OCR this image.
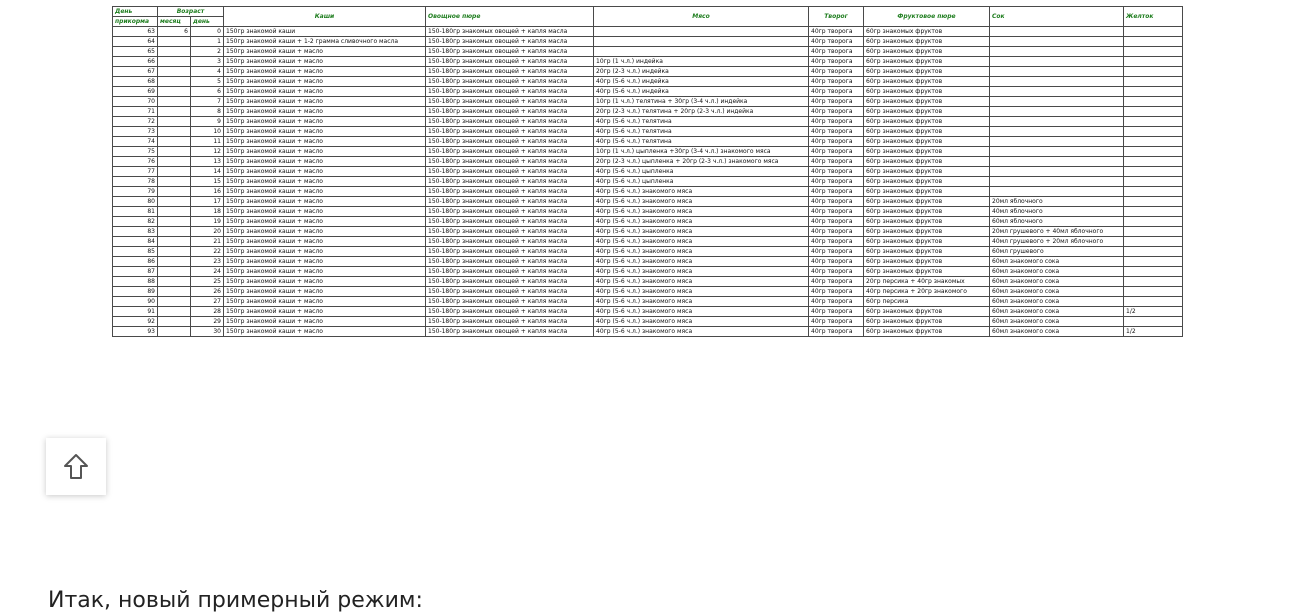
День	Возраст		Каши	Овощное пюре	Мясо	Творог	Фруктовое пюре	Сок	Желток
прикорма	месяц	день							
63	6	0	150гр знакомой каши	150-180гр знакомых овощей + капля масла		40гр творога	60гр знакомых фруктов		
64		1	150гр знакомой каши + 1-2 грамма сливочного масла	150-180гр знакомых овощей + капля масла		40гр творога	60гр знакомых фруктов		
65		2	150гр знакомой каши + масло	150-180гр знакомых овощей + капля масла		40гр творога	60гр знакомых фруктов		
66		3	150гр знакомой каши + масло	150-180гр знакомых овощей + капля масла	10гр (1 ч.л.) индейка	40гр творога	60гр знакомых фруктов		
67		4	150гр знакомой каши + масло	150-180гр знакомых овощей + капля масла	20гр (2-3 ч.л.) индейка	40гр творога	60гр знакомых фруктов		
68		5	150гр знакомой каши + масло	150-180гр знакомых овощей + капля масла	40гр (5-6 ч.л.) индейка	40гр творога	60гр знакомых фруктов		
69		6	150гр знакомой каши + масло	150-180гр знакомых овощей + капля масла	40гр (5-6 ч.л.) индейка	40гр творога	60гр знакомых фруктов		
70		7	150гр знакомой каши + масло	150-180гр знакомых овощей + капля масла	10гр (1 ч.л.) телятина + 30гр (3-4 ч.л.) индейка	40гр творога	60гр знакомых фруктов		
71		8	150гр знакомой каши + масло	150-180гр знакомых овощей + капля масла	20гр (2-3 ч.л.) телятина + 20гр (2-3 ч.л.) индейка	40гр творога	60гр знакомых фруктов		
72		9	150гр знакомой каши + масло	150-180гр знакомых овощей + капля масла	40гр (5-6 ч.л.) телятина	40гр творога	60гр знакомых фруктов		
73		10	150гр знакомой каши + масло	150-180гр знакомых овощей + капля масла	40гр (5-6 ч.л.) телятина	40гр творога	60гр знакомых фруктов		
74		11	150гр знакомой каши + масло	150-180гр знакомых овощей + капля масла	40гр (5-6 ч.л.) телятина	40гр творога	60гр знакомых фруктов		
75		12	150гр знакомой каши + масло	150-180гр знакомых овощей + капля масла	10гр (1 ч.л.) цыпленка +30гр (3-4 ч.л.) знакомого мяса	40гр творога	60гр знакомых фруктов		
76		13	150гр знакомой каши + масло	150-180гр знакомых овощей + капля масла	20гр (2-3 ч.л.) цыпленка + 20гр (2-3 ч.л.) знакомого мяса	40гр творога	60гр знакомых фруктов		
77		14	150гр знакомой каши + масло	150-180гр знакомых овощей + капля масла	40гр (5-6 ч.л.) цыпленка	40гр творога	60гр знакомых фруктов		
78		15	150гр знакомой каши + масло	150-180гр знакомых овощей + капля масла	40гр (5-6 ч.л.) цыпленка	40гр творога	60гр знакомых фруктов		
79		16	150гр знакомой каши + масло	150-180гр знакомых овощей + капля масла	40гр (5-6 ч.л.) знакомого мяса	40гр творога	60гр знакомых фруктов		
80		17	150гр знакомой каши + масло	150-180гр знакомых овощей + капля масла	40гр (5-6 ч.л.) знакомого мяса	40гр творога	60гр знакомых фруктов	20мл яблочного	
81		18	150гр знакомой каши + масло	150-180гр знакомых овощей + капля масла	40гр (5-6 ч.л.) знакомого мяса	40гр творога	60гр знакомых фруктов	40мл яблочного	
82		19	150гр знакомой каши + масло	150-180гр знакомых овощей + капля масла	40гр (5-6 ч.л.) знакомого мяса	40гр творога	60гр знакомых фруктов	60мл яблочного	
83		20	150гр знакомой каши + масло	150-180гр знакомых овощей + капля масла	40гр (5-6 ч.л.) знакомого мяса	40гр творога	60гр знакомых фруктов	20мл грушевого + 40мл яблочного	
84		21	150гр знакомой каши + масло	150-180гр знакомых овощей + капля масла	40гр (5-6 ч.л.) знакомого мяса	40гр творога	60гр знакомых фруктов	40мл грушевого + 20мл яблочного	
85		22	150гр знакомой каши + масло	150-180гр знакомых овощей + капля масла	40гр (5-6 ч.л.) знакомого мяса	40гр творога	60гр знакомых фруктов	60мл грушевого	
86		23	150гр знакомой каши + масло	150-180гр знакомых овощей + капля масла	40гр (5-6 ч.л.) знакомого мяса	40гр творога	60гр знакомых фруктов	60мл знакомого сока	
87		24	150гр знакомой каши + масло	150-180гр знакомых овощей + капля масла	40гр (5-6 ч.л.) знакомого мяса	40гр творога	60гр знакомых фруктов	60мл знакомого сока	
88		25	150гр знакомой каши + масло	150-180гр знакомых овощей + капля масла	40гр (5-6 ч.л.) знакомого мяса	40гр творога	20гр персика + 40гр знакомых	60мл знакомого сока	
89		26	150гр знакомой каши + масло	150-180гр знакомых овощей + капля масла	40гр (5-6 ч.л.) знакомого мяса	40гр творога	40гр персика + 20гр знакомого	60мл знакомого сока	
90		27	150гр знакомой каши + масло	150-180гр знакомых овощей + капля масла	40гр (5-6 ч.л.) знакомого мяса	40гр творога	60гр персика	60мл знакомого сока	
91		28	150гр знакомой каши + масло	150-180гр знакомых овощей + капля масла	40гр (5-6 ч.л.) знакомого мяса	40гр творога	60гр знакомых фруктов	60мл знакомого сока	1/2
92		29	150гр знакомой каши + масло	150-180гр знакомых овощей + капля масла	40гр (5-6 ч.л.) знакомого мяса	40гр творога	60гр знакомых фруктов	60мл знакомого сока	
93		30	150гр знакомой каши + масло	150-180гр знакомых овощей + капля масла	40гр (5-6 ч.л.) знакомого мяса	40гр творога	60гр знакомых фруктов	60мл знакомого сока	1/2
Итак, новый примерный режим:
